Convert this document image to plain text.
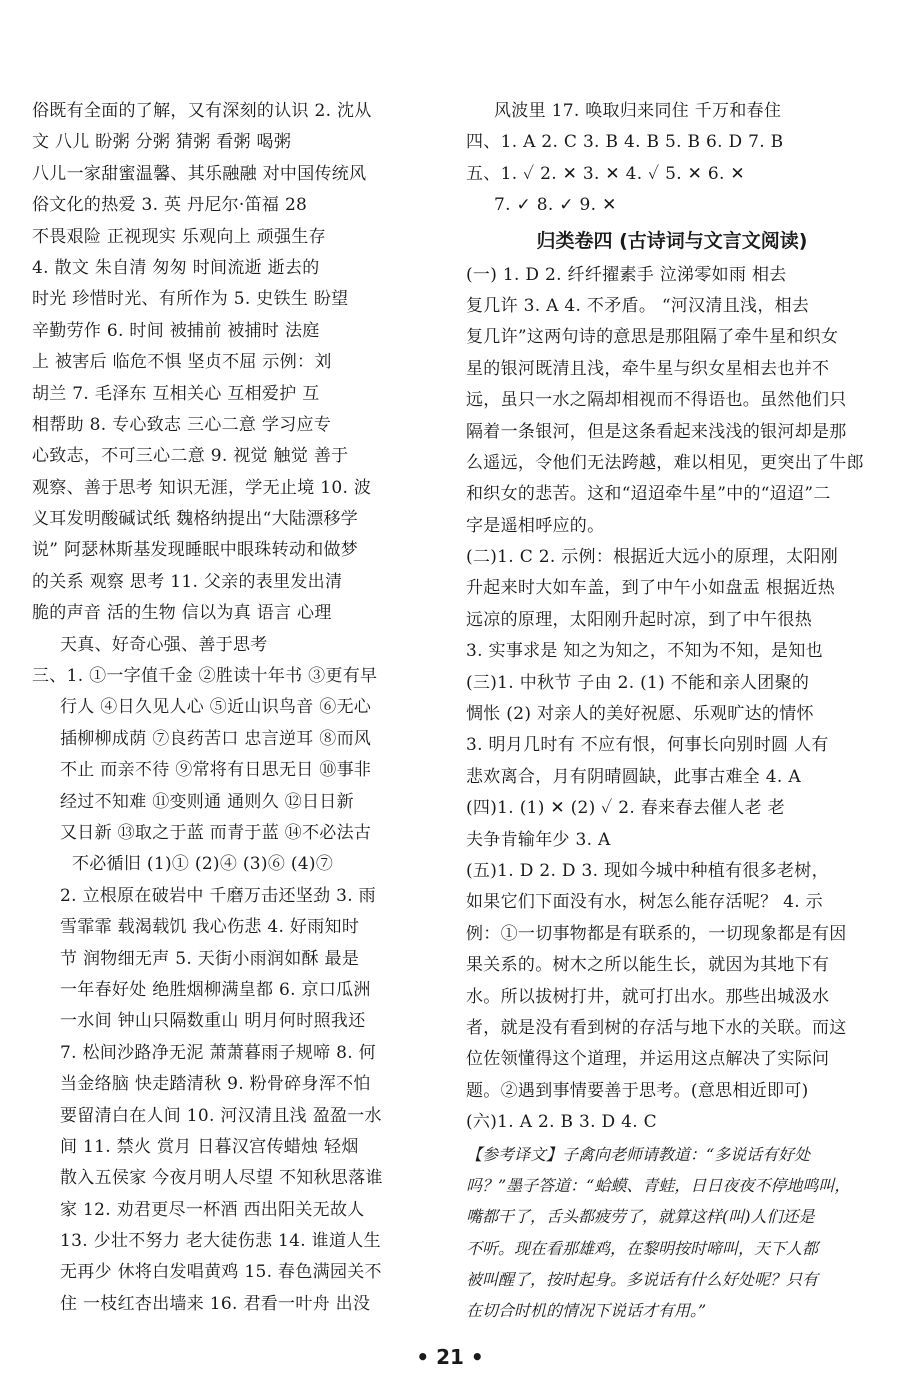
俗既有全面的了解，又有深刻的认识 2. 沈从
文 八儿 盼粥 分粥 猜粥 看粥 喝粥
八儿一家甜蜜温馨、其乐融融 对中国传统风
俗文化的热爱 3. 英 丹尼尔·笛福 28
不畏艰险 正视现实 乐观向上 顽强生存
4. 散文 朱自清 匆匆 时间流逝 逝去的
时光 珍惜时光、有所作为 5. 史铁生 盼望
辛勤劳作 6. 时间 被捕前 被捕时 法庭
上 被害后 临危不惧 坚贞不屈 示例：刘
胡兰 7. 毛泽东 互相关心 互相爱护 互
相帮助 8. 专心致志 三心二意 学习应专
心致志，不可三心二意 9. 视觉 触觉 善于
观察、善于思考 知识无涯，学无止境 10. 波
义耳发明酸碱试纸 魏格纳提出“大陆漂移学
说” 阿瑟林斯基发现睡眠中眼珠转动和做梦
的关系 观察 思考 11. 父亲的表里发出清
脆的声音 活的生物 信以为真 语言 心理
天真、好奇心强、善于思考
三、1. ①一字值千金 ②胜读十年书 ③更有早
行人 ④日久见人心 ⑤近山识鸟音 ⑥无心
插柳柳成荫 ⑦良药苦口 忠言逆耳 ⑧而风
不止 而亲不待 ⑨常将有日思无日 ⑩事非
经过不知难 ⑪变则通 通则久 ⑫日日新
又日新 ⑬取之于蓝 而青于蓝 ⑭不必法古
不必循旧 (1)① (2)④ (3)⑥ (4)⑦
2. 立根原在破岩中 千磨万击还坚劲 3. 雨
雪霏霏 载渴载饥 我心伤悲 4. 好雨知时
节 润物细无声 5. 天街小雨润如酥 最是
一年春好处 绝胜烟柳满皇都 6. 京口瓜洲
一水间 钟山只隔数重山 明月何时照我还
7. 松间沙路净无泥 萧萧暮雨子规啼 8. 何
当金络脑 快走踏清秋 9. 粉骨碎身浑不怕
要留清白在人间 10. 河汉清且浅 盈盈一水
间 11. 禁火 赏月 日暮汉宫传蜡烛 轻烟
散入五侯家 今夜月明人尽望 不知秋思落谁
家 12. 劝君更尽一杯酒 西出阳关无故人
13. 少壮不努力 老大徒伤悲 14. 谁道人生
无再少 休将白发唱黄鸡 15. 春色满园关不
住 一枝红杏出墙来 16. 君看一叶舟 出没
风波里 17. 唤取归来同住 千万和春住
四、1. A 2. C 3. B 4. B 5. B 6. D 7. B
五、1. ✓ 2. ✕ 3. ✕ 4. ✓ 5. ✕ 6. ✕
7. ✓ 8. ✓ 9. ✕
归类卷四 (古诗词与文言文阅读)
(一) 1. D 2. 纤纤擢素手 泣涕零如雨 相去
复几许 3. A 4. 不矛盾。 “河汉清且浅，相去
复几许”这两句诗的意思是那阻隔了牵牛星和织女
星的银河既清且浅，牵牛星与织女星相去也并不
远，虽只一水之隔却相视而不得语也。虽然他们只
隔着一条银河，但是这条看起来浅浅的银河却是那
么遥远，令他们无法跨越，难以相见，更突出了牛郎
和织女的悲苦。这和“迢迢牵牛星”中的“迢迢”二
字是遥相呼应的。
(二)1. C 2. 示例：根据近大远小的原理，太阳刚
升起来时大如车盖，到了中午小如盘盂 根据近热
远凉的原理，太阳刚升起时凉，到了中午很热
3. 实事求是 知之为知之，不知为不知，是知也
(三)1. 中秋节 子由 2. (1) 不能和亲人团聚的
惆怅 (2) 对亲人的美好祝愿、乐观旷达的情怀
3. 明月几时有 不应有恨，何事长向别时圆 人有
悲欢离合，月有阴晴圆缺，此事古难全 4. A
(四)1. (1) ✕ (2) ✓ 2. 春来春去催人老 老
夫争肯输年少 3. A
(五)1. D 2. D 3. 现如今城中种植有很多老树，
如果它们下面没有水，树怎么能存活呢？ 4. 示
例：①一切事物都是有联系的，一切现象都是有因
果关系的。树木之所以能生长，就因为其地下有
水。所以拔树打井，就可打出水。那些出城汲水
者，就是没有看到树的存活与地下水的关联。而这
位佐领懂得这个道理，并运用这点解决了实际问
题。②遇到事情要善于思考。(意思相近即可)
(六)1. A 2. B 3. D 4. C
【参考译文】子禽向老师请教道：“多说话有好处
吗？”墨子答道：“蛤蟆、青蛙，日日夜夜不停地鸣叫，
嘴都干了，舌头都疲劳了，就算这样(叫)人们还是
不听。现在看那雄鸡，在黎明按时啼叫，天下人都
被叫醒了，按时起身。多说话有什么好处呢？只有
在切合时机的情况下说话才有用。”
• 21 •
